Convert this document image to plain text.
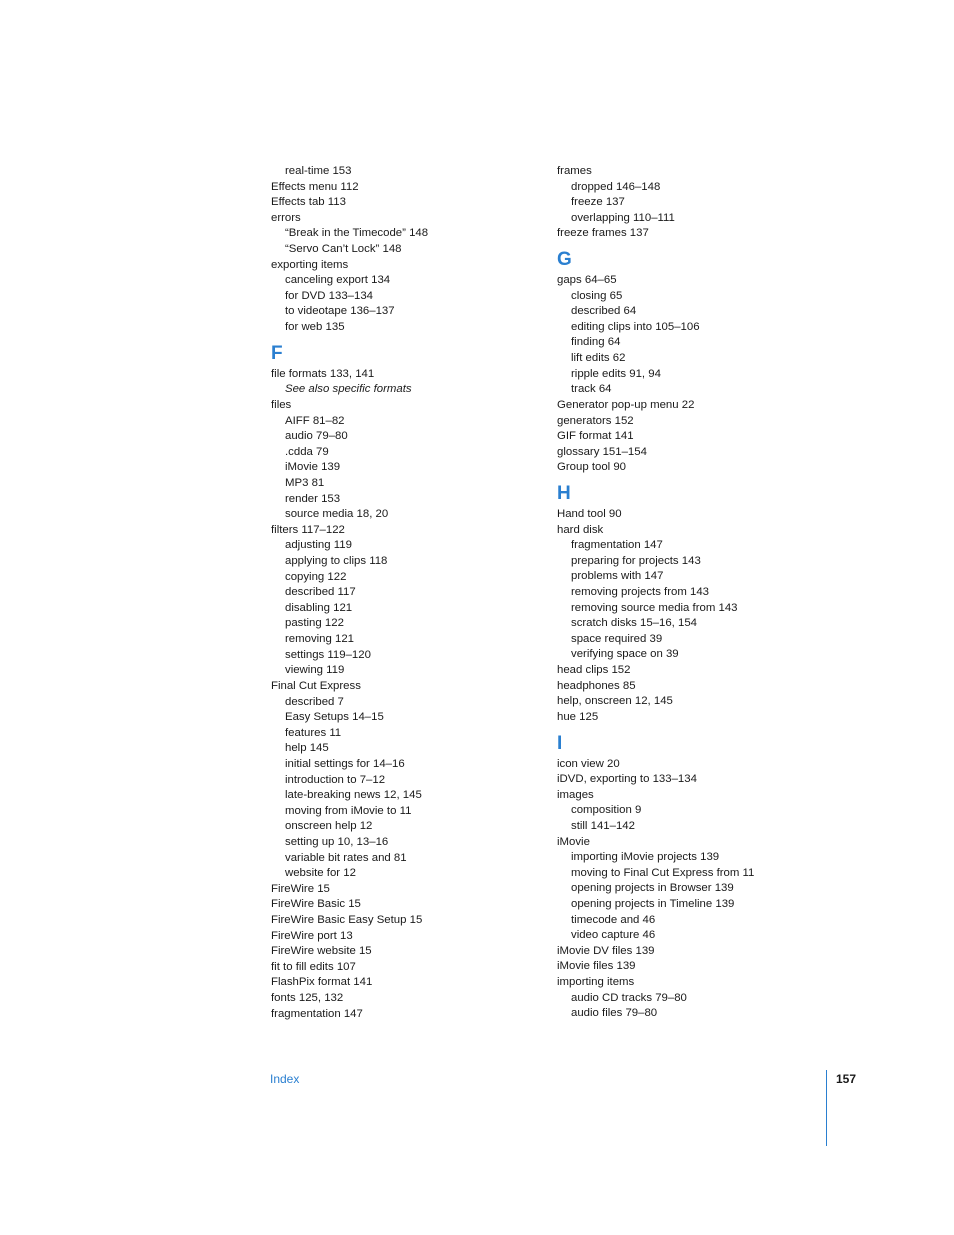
real-time 153
Effects menu 112
Effects tab 113
errors
“Break in the Timecode” 148
“Servo Can’t Lock” 148
exporting items
canceling export 134
for DVD 133–134
to videotape 136–137
for web 135
F
file formats 133, 141
See also specific formats
files
AIFF 81–82
audio 79–80
.cdda 79
iMovie 139
MP3 81
render 153
source media 18, 20
filters 117–122
adjusting 119
applying to clips 118
copying 122
described 117
disabling 121
pasting 122
removing 121
settings 119–120
viewing 119
Final Cut Express
described 7
Easy Setups 14–15
features 11
help 145
initial settings for 14–16
introduction to 7–12
late-breaking news 12, 145
moving from iMovie to 11
onscreen help 12
setting up 10, 13–16
variable bit rates and 81
website for 12
FireWire 15
FireWire Basic 15
FireWire Basic Easy Setup 15
FireWire port 13
FireWire website 15
fit to fill edits 107
FlashPix format 141
fonts 125, 132
fragmentation 147
frames
dropped 146–148
freeze 137
overlapping 110–111
freeze frames 137
G
gaps 64–65
closing 65
described 64
editing clips into 105–106
finding 64
lift edits 62
ripple edits 91, 94
track 64
Generator pop-up menu 22
generators 152
GIF format 141
glossary 151–154
Group tool 90
H
Hand tool 90
hard disk
fragmentation 147
preparing for projects 143
problems with 147
removing projects from 143
removing source media from 143
scratch disks 15–16, 154
space required 39
verifying space on 39
head clips 152
headphones 85
help, onscreen 12, 145
hue 125
I
icon view 20
iDVD, exporting to 133–134
images
composition 9
still 141–142
iMovie
importing iMovie projects 139
moving to Final Cut Express from 11
opening projects in Browser 139
opening projects in Timeline 139
timecode and 46
video capture 46
iMovie DV files 139
iMovie files 139
importing items
audio CD tracks 79–80
audio files 79–80
Index	157
